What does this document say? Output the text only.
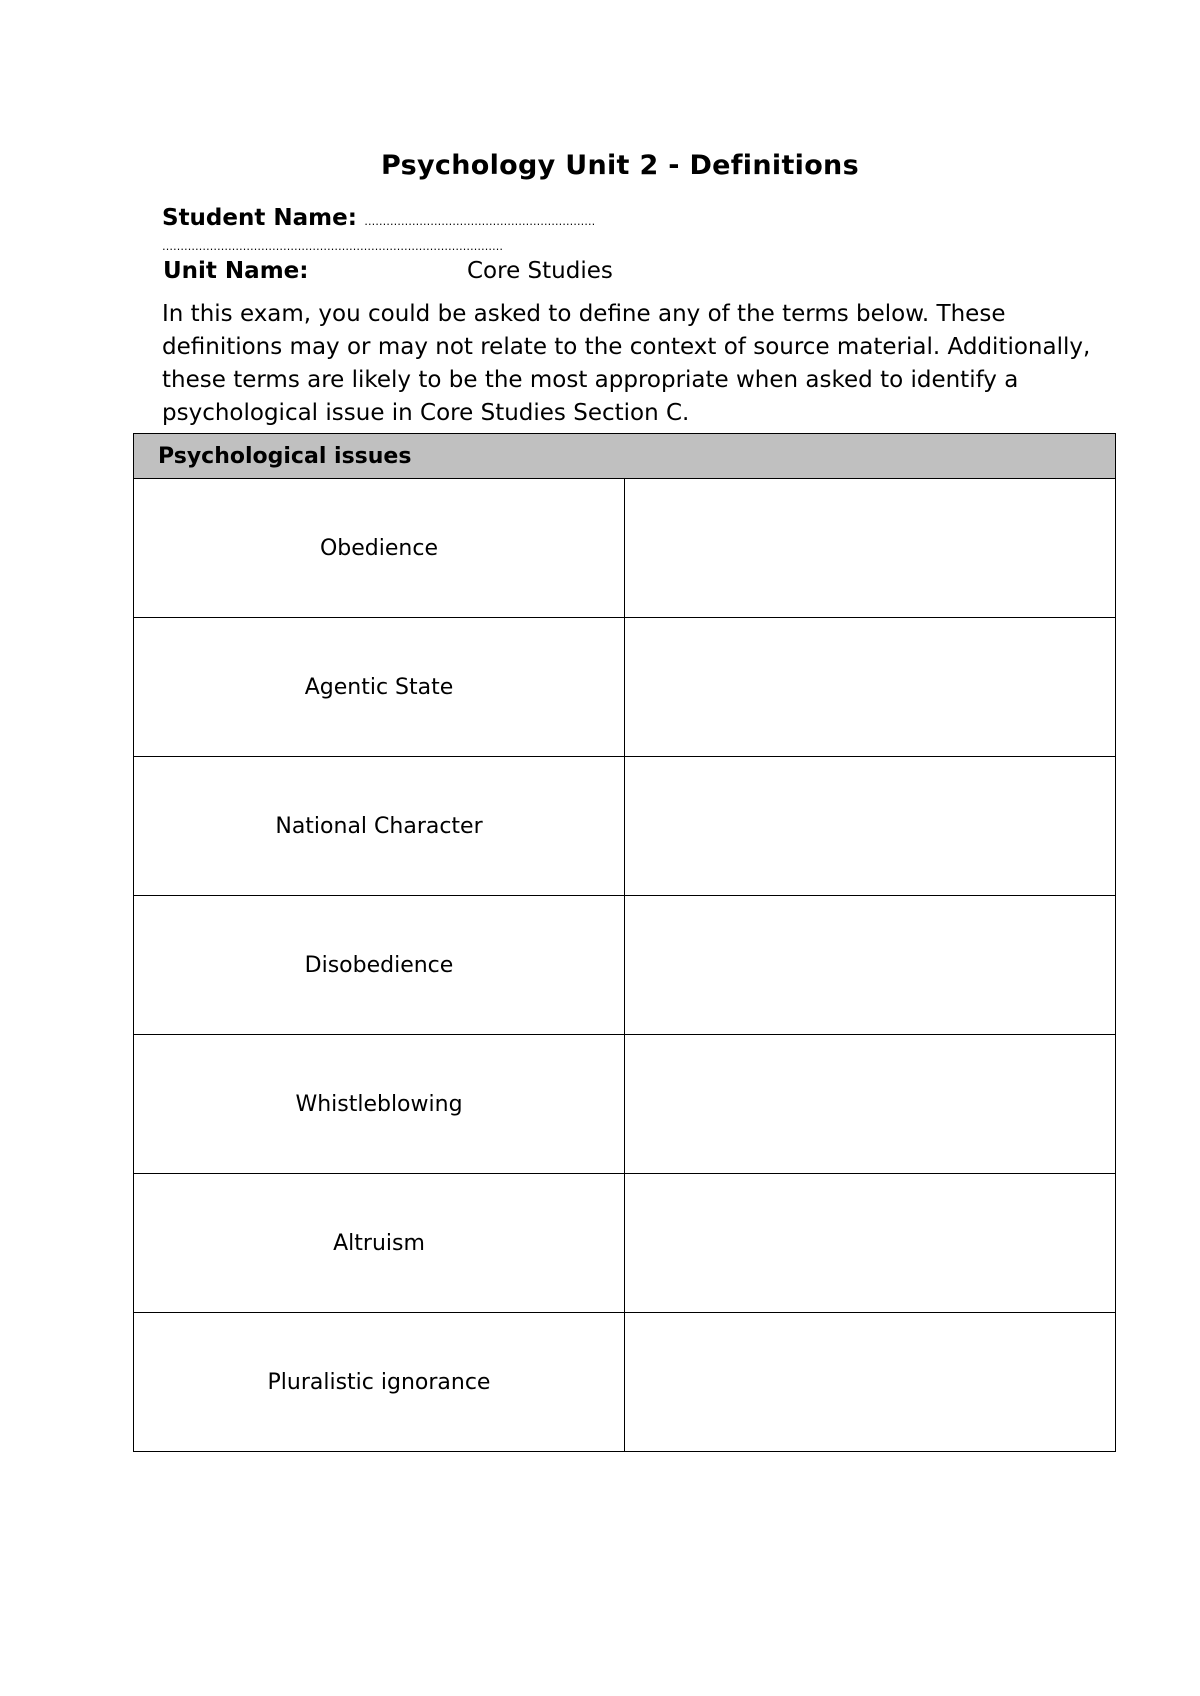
Psychology Unit 2 - Definitions
Student Name: ………………………………………………………
…………………………………………………………………………………
Unit Name:	Core Studies

In this exam, you could be asked to define any of the terms below. These definitions may or may not relate to the context of source material. Additionally, these terms are likely to be the most appropriate when asked to identify a psychological issue in Core Studies Section C.

Psychological issues	
Obedience	
Agentic State	
National Character	
Disobedience	
Whistleblowing	
Altruism	
Pluralistic ignorance	
